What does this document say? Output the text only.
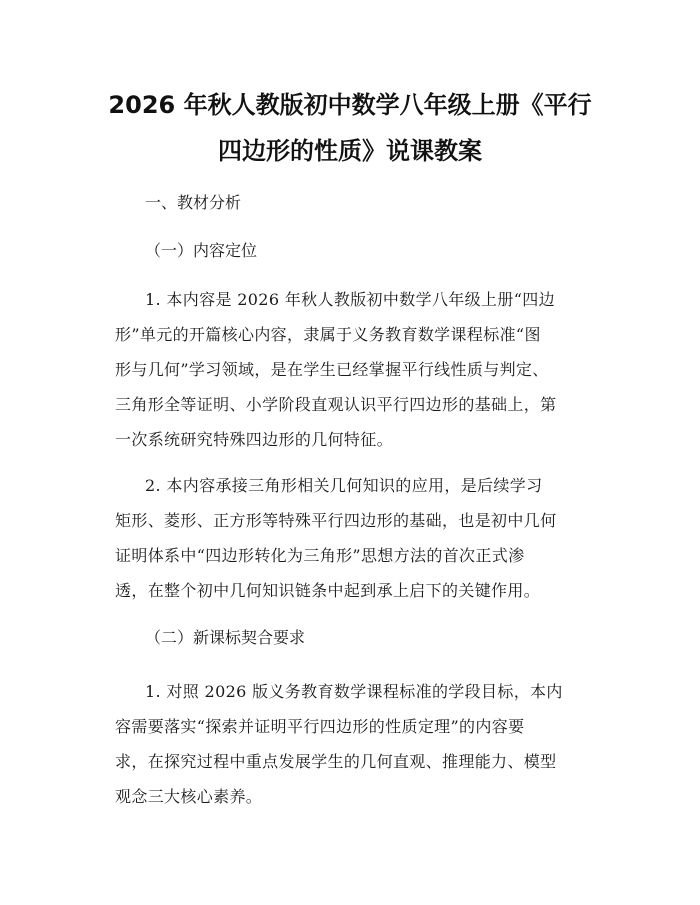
2026 年秋人教版初中数学八年级上册《平行
四边形的性质》说课教案
一、教材分析
（一）内容定位
1. 本内容是 2026 年秋人教版初中数学八年级上册“四边
形”单元的开篇核心内容，隶属于义务教育数学课程标准“图
形与几何”学习领域，是在学生已经掌握平行线性质与判定、
三角形全等证明、小学阶段直观认识平行四边形的基础上，第
一次系统研究特殊四边形的几何特征。
2. 本内容承接三角形相关几何知识的应用，是后续学习
矩形、菱形、正方形等特殊平行四边形的基础，也是初中几何
证明体系中“四边形转化为三角形”思想方法的首次正式渗
透，在整个初中几何知识链条中起到承上启下的关键作用。
（二）新课标契合要求
1. 对照 2026 版义务教育数学课程标准的学段目标，本内
容需要落实“探索并证明平行四边形的性质定理”的内容要
求，在探究过程中重点发展学生的几何直观、推理能力、模型
观念三大核心素养。
